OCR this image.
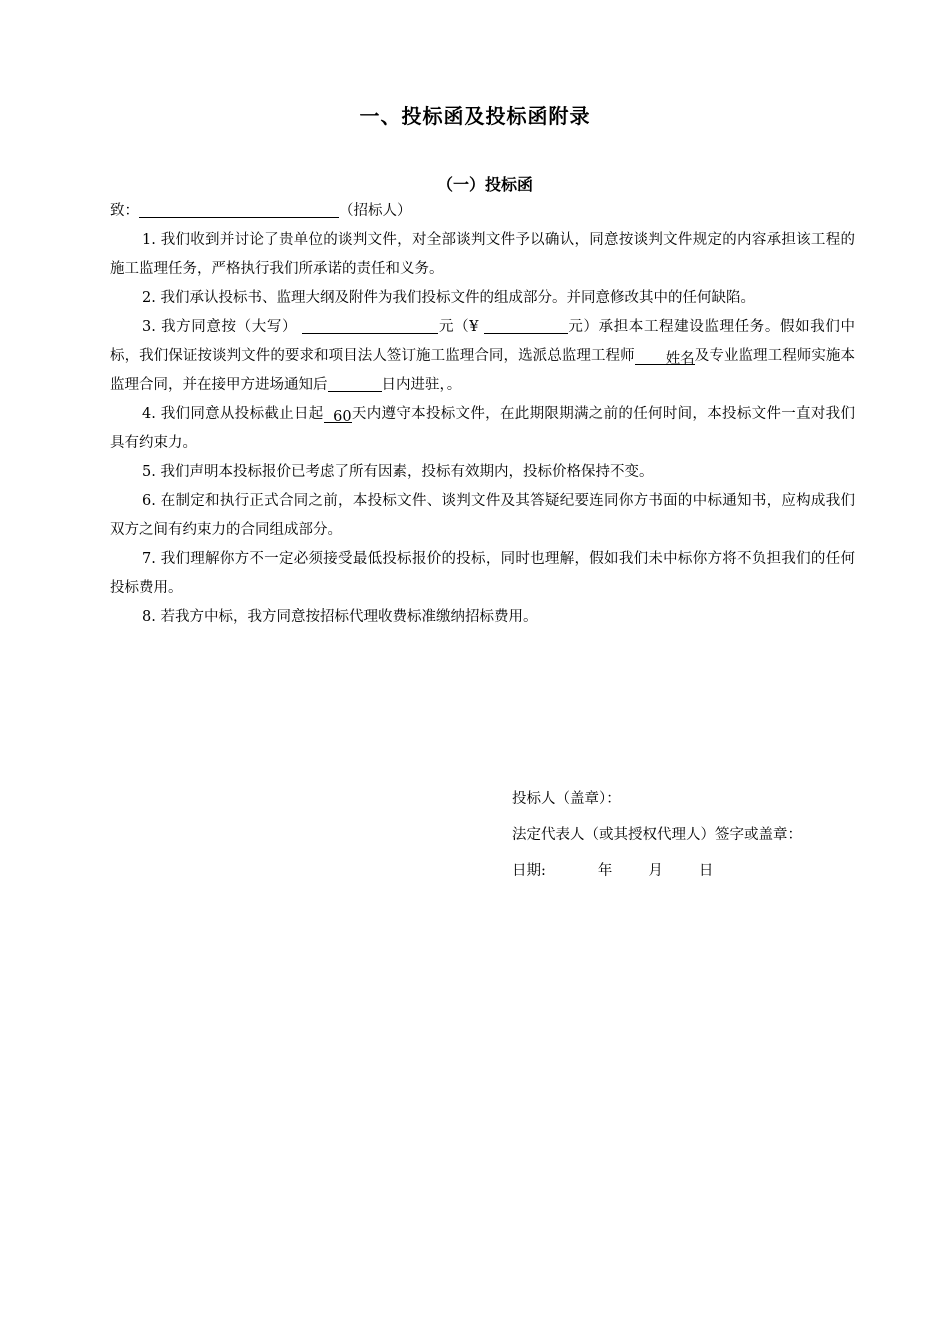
一、投标函及投标函附录
（一）投标函
致：	（招标人）
1. 我们收到并讨论了贵单位的谈判文件，对全部谈判文件予以确认，同意按谈判文件规定的内容承担该工程的施工监理任务，严格执行我们所承诺的责任和义务。
2. 我们承认投标书、监理大纲及附件为我们投标文件的组成部分。并同意修改其中的任何缺陷。
3. 我方同意按（大写）	元（¥	元）承担本工程建设监理任务。假如我们中标，我们保证按谈判文件的要求和项目法人签订施工监理合同，选派总监理工程师 姓名及专业监理工程师实施本监理合同，并在接甲方进场通知后	日内进驻，。
4. 我们同意从投标截止日起 60天内遵守本投标文件，在此期限期满之前的任何时间，本投标文件一直对我们具有约束力。
5. 我们声明本投标报价已考虑了所有因素，投标有效期内，投标价格保持不变。
6. 在制定和执行正式合同之前，本投标文件、谈判文件及其答疑纪要连同你方书面的中标通知书，应构成我们双方之间有约束力的合同组成部分。
7. 我们理解你方不一定必须接受最低投标报价的投标，同时也理解，假如我们未中标你方将不负担我们的任何投标费用。
8. 若我方中标，我方同意按招标代理收费标准缴纳招标费用。
投标人（盖章）：
法定代表人（或其授权代理人）签字或盖章：
日期:	年 月 日
